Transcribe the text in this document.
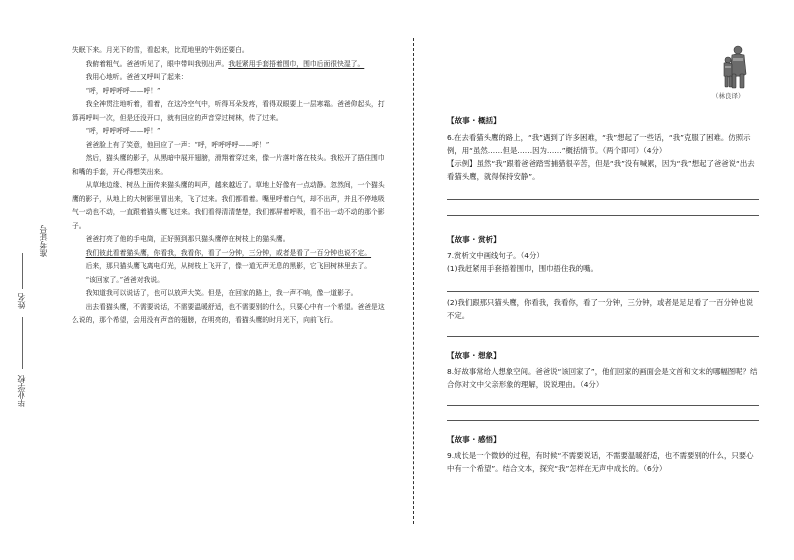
毕业学校
姓名
准考证号

失眠下来。月光下的雪，看起来，比荒地里的牛奶还要白。

我俯着粗气。爸爸听见了，眼中带叫我别出声。我赶紧用手套捂着围巾，围巾后面很快湿了。

我用心地听。爸爸又呼叫了起来：

“呼，呼呼呼呼——呼！”

我全神贯注地听着，看着，在这冷空气中，听得耳朵发疼，看得双眼要上一层寒霜。爸爸仰起头，打算再呼叫一次，但是还没开口，就有回应的声音穿过树林，传了过来。

“呼，呼呼呼呼——呼！”

爸爸脸上有了笑意，他回应了一声：“呼，呼呼呼呼——呼！”

然后，猫头鹰的影子，从黑暗中展开翅膀，滑翔着穿过来，像一片落叶落在枝头。我松开了捂住围巾和嘴的手套，开心得想笑出来。

从草地边缘、树丛上面传来猫头鹰的叫声，越来越近了。草地上好像有一点动静。忽然间，一个猫头鹰的影子，从地上的大树影里冒出来，飞了过来。我们都看着。嘴里呼着白气，却不出声，并且不停地吸气一动也不动，一直跟着猫头鹰飞过来。我们看得清清楚楚，我们都屏着呼吸，看不出一动不动的那个影子。

爸爸打亮了他的手电筒，正好照到那只猫头鹰停在树枝上的猫头鹰。

我们彼此看着猫头鹰，你看我，我看你，看了一分钟，三分钟，或者是看了一百分钟也说不定。

后来，那只猫头鹰飞离电灯光，从树枝上飞开了，像一道无声无息的黑影，它飞回树林里去了。

“该回家了。”爸爸对我说。

我知道我可以说话了，也可以放声大笑。但是，在回家的路上，我一声不响，像一道影子。

出去看猫头鹰，不需要说话，不需要温暖舒适，也不需要别的什么，只要心中有一个希望。爸爸是这么说的，那个希望，会用没有声音的翅膀，在明亮的，看猫头鹰的时月光下，向前飞行。

（林良译）

【故事 · 概括】

6.在去看猫头鹰的路上，“我”遇到了许多困难，“我”想起了一些话，“我”克服了困难。仿照示例，用“虽然……但是……因为……”概括情节。（两个即可）（4分）

【示例】虽然“我”跟着爸爸踏雪捕猎很辛苦，但是“我”没有喊累，因为“我”想起了爸爸说“出去看猫头鹰，就得保持安静”。

【故事 · 赏析】

7.赏析文中画线句子。（4分）

(1)我赶紧用手套捂着围巾，围巾捂住我的嘴。

(2)我们跟那只猫头鹰，你看我，我看你，看了一分钟，三分钟，或者是足足看了一百分钟也说不定。

【故事 · 想象】

8.好故事常给人想象空间。爸爸说“该回家了”，他们回家的画面会是文首和文末的哪幅图呢？结合你对文中父亲形象的理解，说说理由。（4分）

【故事 · 感悟】

9.成长是一个微妙的过程，有时候“不需要说话，不需要温暖舒适，也不需要别的什么，只要心中有一个希望”。结合文本，探究“我”怎样在无声中成长的。（6分）
